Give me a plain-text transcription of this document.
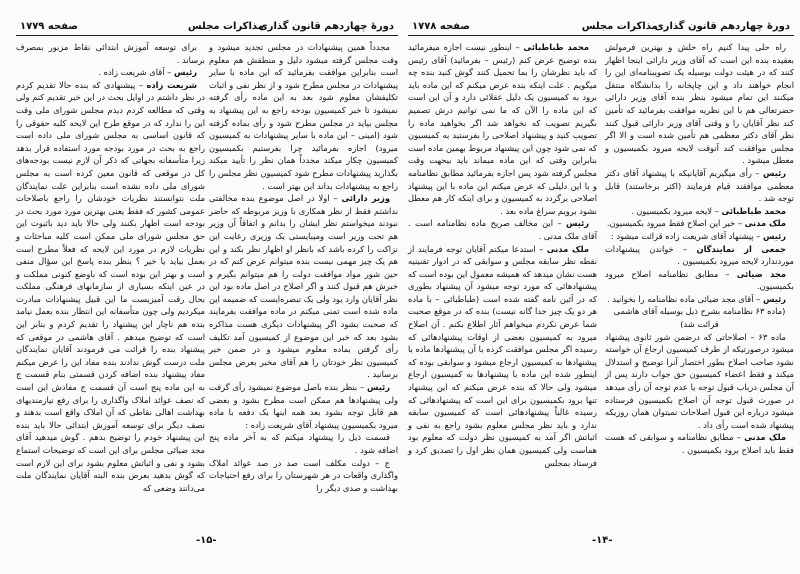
دورهٔ چهاردهم قانون گذاری
مذاکرات مجلس
صفحه ۱۷۷۹

مجدداً همین پیشنهادات در مجلس تجدید میشود و وقت مجلس گرفته میشود دلیل و منطقش هم معلوم است بنابراین موافقت بفرمائید که این ماده با سایر پیشنهادات در مجلس مطرح شود و از نظر نفی و اثبات تکلیفشان معلوم شود بعد به این ماده رأی گرفته نمیشود تا خبر کمیسیون بودجه راجع به این پیشنهاد به مجلس بیاید در مجلس مطرح شود و رأی بماده گرفته شود (امینی – این ماده با سایر پیشنهادات به کمیسیون میرود) اجازه بفرمائید چرا بفرستیم بکمیسیون کمیسیون چکار میکند مجدداً همان نظر را تأیید میکند بگذارید پیشنهادات مطرح شود کمیسیون نظر مجلس را راجع به پیشنهادات بداند این بهتر است .

وزیر دارائی – اولا در اصل موضوع بنده مخالفتی نداشتم فقط از نظر همکاری با وزیر مربوطه که حاضر نبودند میخواستم نظر ایشان را بدانم و اتفاقاً آن وزیر هم تحت وزیر است ومیبایستی یک وزیری رعایت این نزاکت را کرده باشد که بانظر او اظهار نظر بکند و این هم یک چیز مهمی نیست بنده میتوانم عرض کنم که در حین شور مواد موافقت دولت را هم میتوانم بگیرم و خبرش هم قبول کنند و اگر اصلاح در اصل ماده بود این نظر آقایان وارد بود ولی یک تبصره‌ایست که ضمیمه این ماده شده است تمنی میکنم در ماده موافقت بفرمایند که صحبت بشود اگر پیشنهادات دیگری هست مذاکره بشود بعد که خبر این موضوع از کمیسیون آمد تکلیف رأی گرفتن بماده معلوم میشود و در ضمن خبر کمیسیون نظر خودتان را هم آقای مخبر بعرض مجلس برسانید .

رئیس – بنظر بنده باصل موضوع نمیشود رأی گرفت ولی پیشنهادها هم ممکن است مطرح بشود و بعضی هم قابل توجه بشود بعد همه اینها یک دفعه با ماده میرود بکمیسیون پیشنهاد آقای شریعت زاده :

قسمت ذیل را پیشنهاد میکنم که به آخر ماده پنج اضافه شود .

ج – دولت مکلف است صد در صد عوائد املاک واگذاری واقعات در هر شهرستان را برای رفع احتیاجات بهداشت و صدی دیگر را

برای توسعه آموزش ابتدائی نقاط مزبور بمصرف برساند .

رئیس – آقای شریعت زاده .

شریعت زاده – پیشنهادی که بنده حالا تقدیم کردم در نظر داشتم در اوایل بحث در این خبر تقدیم کنم ولی وقتی که مطالعه کردم دیدم مجلس شورای ملی وقت این را ندارد که در موقع طرح این لایحه کلیه حقوقی را که قانون اساسی به مجلس شورای ملی داده است راجع به بحث در مورد بودجه مورد استفاده قرار بدهد زیرا متأسفانه بجهاتی که ذکر آن لازم نیست بودجه‌های کل در موقعی که قانون معین کرده است به مجلس شورای ملی داده نشده است بنابراین علت نمایندگان ملت نتوانستند نظریات خودشان را راجع باصلاحات عمومی کشور که فقط یعنی بهترین مورد مورد بحث در بودجه است اظهار بکنند ولی حالا باید دید باثبوت این حق مجلس شورای ملی ممکن است کلیه مباحثات و نظریات لازم در مورد این لایحه که فعلاً مطرح است بعمل بیاید یا خیر ؟ بنظر بنده پاسخ این سؤال منفی است و بهتر این بوده است که باوضع کنونی مملکت و در عین اینکه بسیاری از سازمانهای فرهنگی مملکت بحال رقت آمیزیست ما این قبیل پیشنهادات مبادرت میکردیم ولی چون متأسفانه این انتظار بنده بعمل نیامد بنده هم ناچار این پیشنهاد را تقدیم کردم و بنابر این است که توضیح میدهم . آقای هاشمی در موقعی که پیشنهاد بنده را قرائت می فرمودند آقایان نمایندگان ملت درست گوش ندادند بنده مفاد این را عرض میکنم مفاد پیشنهاد بنده اضافه کردن قسمتی بنام قسمت ج به این ماده پنج است آن قسمت ج مفادش این است که نصف عوائد املاک واگذاری را برای رفع نیازمندیهای بهداشت اهالی نقاطی که آن املاک واقع است بدهند و نصف دیگر برای توسعه آموزش ابتدائی حالا باید بنده این پیشنهاد خودم را توضیح بدهم . گوش میدهید آقای مجد ضیائی مجلس برای این است که توضیحات استماع بشود و نفی و اثباتش معلوم بشود برای این لازم است که گوش بدهید بعرض بنده البته آقایان نمایندگان ملت می‌دانند وضعی که

-۱۵-
دورهٔ چهاردهم قانون گذاری
مذاکرات مجلس
صفحه ۱۷۷۸

راه حلی پیدا کنیم راه حلش و بهترین فرمولش بعقیده بنده این است که آقای وزیر دارائی اینجا اظهار کنند که در هیئت دولت بوسیله یک تصویبنامه‌ای این را انجام خواهند داد و این چاپخانه را بدانشگاه منتقل میکنند این تمام میشود بنظر بنده آقای وزیر دارائی حضرتعالی هم با این نظریه موافقت بفرمائید که تأمین کند نظر آقایان را و وقتی آقای وزیر دارائی قبول کنند نظر آقای دکتر معظمی هم تأمین شده است و الا اگر مجلس موافقت کند آنوقت لایحه میرود بکمیسیون و معطل میشود .

رئیس – رأی میگیریم آقایانیکه با پیشنهاد آقای دکتر معظمی موافقند قیام فرمایند (اکثر برخاستند) قابل توجه شد .

محمد طباطبائی – لایحه میرود بکمیسیون .

ملک مدنی – خیر این اصلاح فقط میرود بکمیسیون.

رئیس – پیشنهاد آقای شریعت زاده قرائت میشود :

جمعی از نمایندگان – خواندن پیشنهادات موردندارد لایحه میرود بکمیسیون .

مجد ضیائی – مطابق نظامنامه اصلاح میرود بکمیسیون.

رئیس – آقای مجد ضیائی ماده نظامنامه را بخوانید .

(ماده ۶۳ نظامنامه بشرح ذیل بوسیله آقای هاشمی قرائت شد)

ماده ۶۳ – اصلاحاتی که درضمن شور ثانوی پیشنهاد میشود درصورتیکه از طرف کمیسیون ارجاع آن خواسته نشود صاحب اصلاح بطور اختصار آنرا توضیح و استدلال میکند و فقط اعضاء کمیسیون حق جواب دارند پس از آن مجلس درباب قبول توجه یا عدم توجه آن رأی میدهد در صورت قبول توجه آن اصلاح بکمیسیون فرستاده میشود درباره این قبول اصلاحات نمیتوان همان روزیکه پیشنهاد شده است رأی داد .

ملک مدنی – مطابق نظامنامه و سوابقی که هست فقط باید اصلاح برود بکمیسیون .

محمد طباطبائی – اینطور نیست اجازه میفرمائید بنده توضیح عرض کنم (رئیس – بفرمائید) آقای رئیس که باید نظرشان را بما تحمیل کنند گوش کنید بنده چه میگویم . علت اینکه بنده عرض میکنم که این ماده باید برود به کمیسیون یک دلیل عقلائی دارد و آن این است که این ماده را الآن که ما نمی توانیم درش تصمیم بگیریم تصویب که نخواهد شد اگر بخواهید ماده را تصویب کنید و پیشنهاد اصلاحی را بفرستید به کمیسیون که نمی شود چون این پیشنهاد مربوط بهمین ماده است بنابراین وقتی که این ماده میماند باید بیجهت وقت مجلس گرفته شود پس اجازه بفرمائید مطابق نظامنامه و با این دلیلی که عرض میکنم این ماده با این پیشنهاد اصلاحی برگردد به کمیسیون و برای اینکه کار هم معطل نشود برویم سراغ ماده بعد .

رئیس – این مخالف صریح ماده نظامنامه است . آقای ملک مدنی .

ملک مدنی – استدعا میکنم آقایان توجه فرمایند از نقطه نظر سابقه مجلس و سوابقی که در ادوار تقنینیه هست نشان میدهد که همیشه معمول این بوده است که پیشنهادهائی که مورد توجه میشود آن پیشنهاد بطوری که در آئین نامه گفته شده است (طباطبائی – با ماده هر دو یک چیز جدا گانه نیست) بنده که در موقع صحبت شما عرض نکردم میخواهم آثار اطلاع بکنم . آن اصلاح میرود به کمیسیون بعضی از اوقات پیشنهادهائی که رسیده اگر مجلس موافقت کرده با آن پیشنهادها ماده با پیشنهادها به کمیسیون ارجاع میشود و سوابقی بوده که اینطور شده این ماده با پیشنهادها به کمیسیون ارجاع میشود ولی حالا که بنده عرض میکنم که این پیشنهاد تنها برود بکمیسیون برای این است که پیشنهادهائی که رسیده غالباً پیشنهادهائی است که کمیسیون سابقه ندارد و باید نظر مجلس معلوم بشود راجع به نفی و اثباتش اگر آمد به کمیسیون نظر دولت که معلوم بود هماست ولی کمیسیون همان نظر اول را تصدیق کرد و فرستاد بمجلس

-۱۴-
